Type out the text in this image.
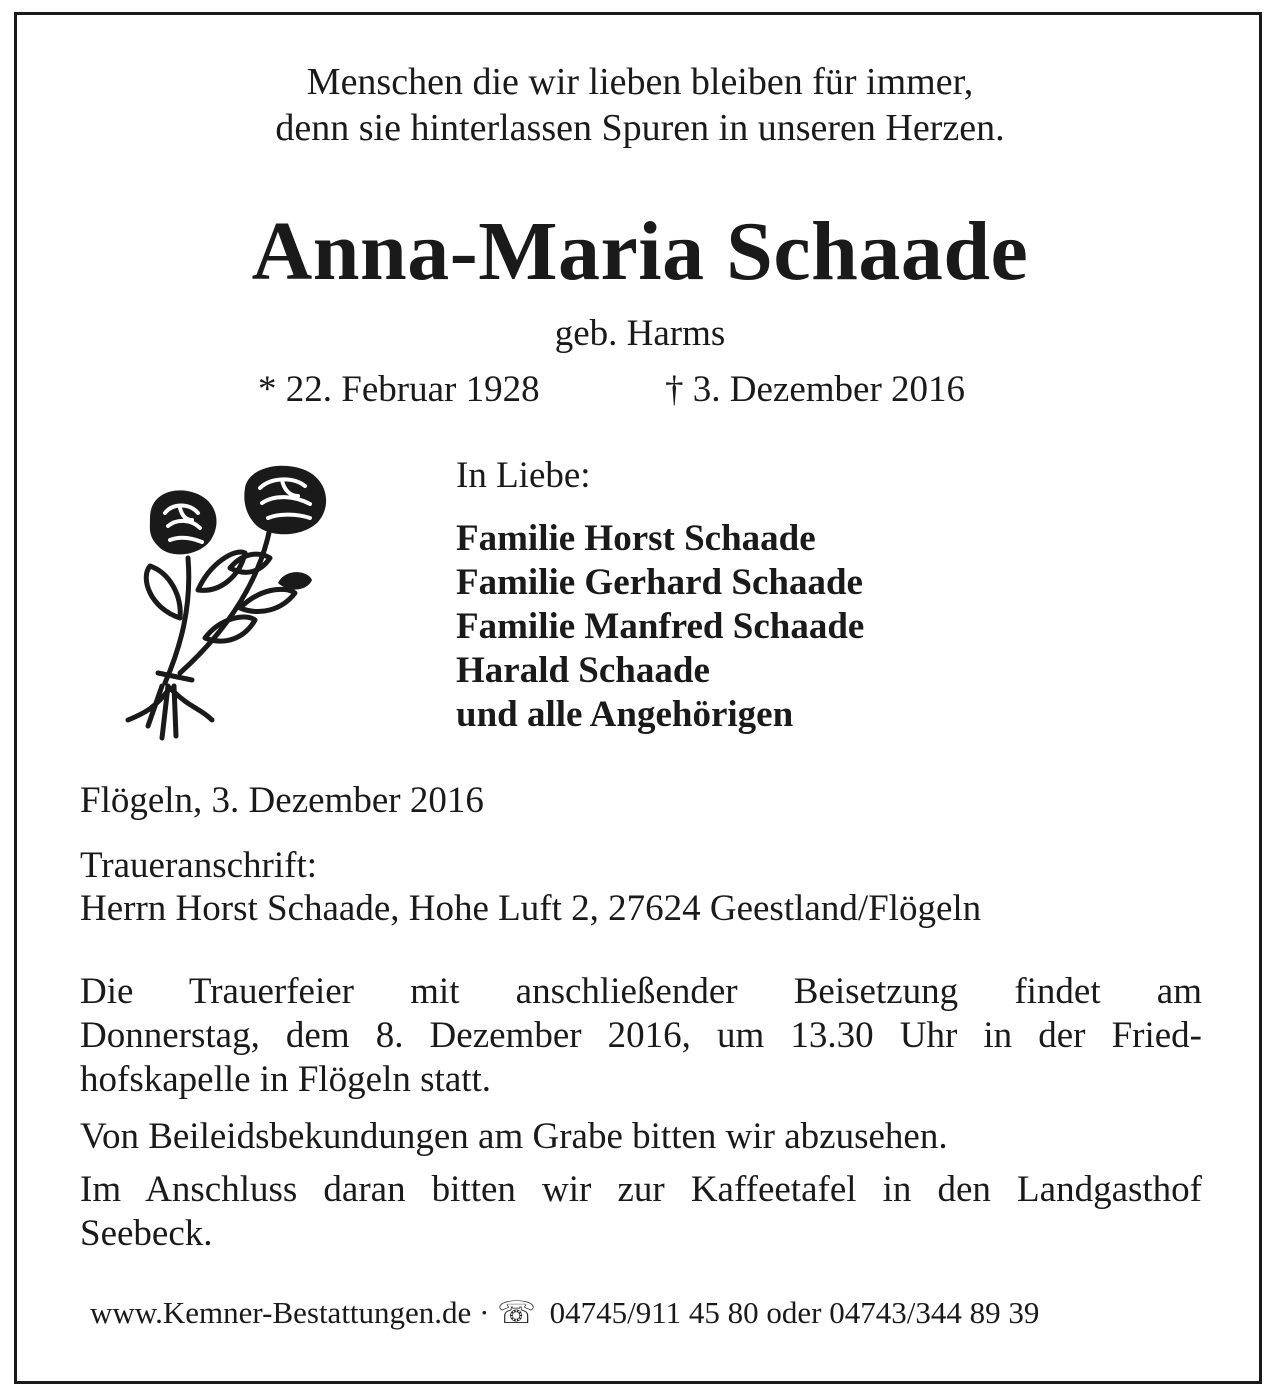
Menschen die wir lieben bleiben für immer,
denn sie hinterlassen Spuren in unseren Herzen.
Anna-Maria Schaade
geb. Harms
* 22. Februar 1928	† 3. Dezember 2016
In Liebe:
Familie Horst Schaade
Familie Gerhard Schaade
Familie Manfred Schaade
Harald Schaade
und alle Angehörigen
Flögeln, 3. Dezember 2016
Traueranschrift:
Herrn Horst Schaade, Hohe Luft 2, 27624 Geestland/Flögeln
Die Trauerfeier mit anschließender Beisetzung findet am
Donnerstag, dem 8. Dezember 2016, um 13.30 Uhr in der Fried-
hofskapelle in Flögeln statt.
Von Beileidsbekundungen am Grabe bitten wir abzusehen.
Im Anschluss daran bitten wir zur Kaffeetafel in den Landgasthof
Seebeck.
www.Kemner-Bestattungen.de · ☏ 04745/911 45 80 oder 04743/344 89 39
